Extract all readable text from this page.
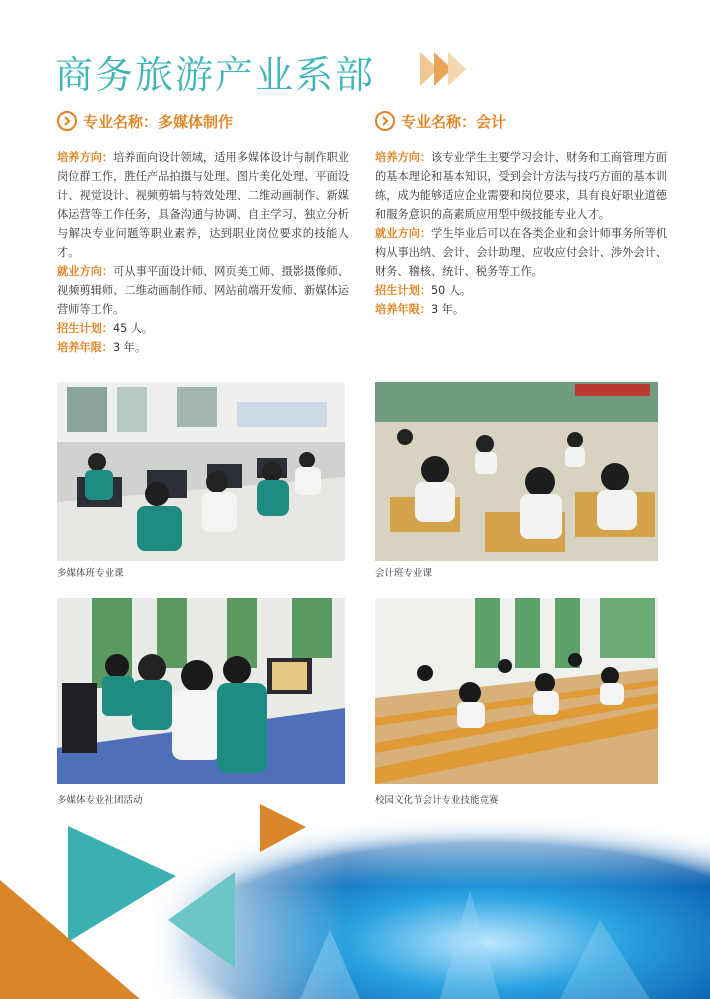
商务旅游产业系部
专业名称：多媒体制作

培养方向：培养面向设计领域，适用多媒体设计与制作职业岗位群工作，胜任产品拍摄与处理、图片美化处理、平面设计、视觉设计、视频剪辑与特效处理、二维动画制作、新媒体运营等工作任务，具备沟通与协调、自主学习、独立分析与解决专业问题等职业素养，达到职业岗位要求的技能人才。

就业方向：可从事平面设计师、网页美工师、摄影摄像师、视频剪辑师、二维动画制作师、网站前端开发师、新媒体运营师等工作。

招生计划：45 人。

培养年限：3 年。

专业名称：会计

培养方向：该专业学生主要学习会计、财务和工商管理方面的基本理论和基本知识，受到会计方法与技巧方面的基本训练，成为能够适应企业需要和岗位要求，具有良好职业道德和服务意识的高素质应用型中级技能专业人才。

就业方向：学生毕业后可以在各类企业和会计师事务所等机构从事出纳、会计、会计助理、应收应付会计、涉外会计、财务、稽核、统计、税务等工作。

招生计划：50 人。

培养年限：3 年。

多媒体班专业课	会计班专业课
多媒体专业社团活动	校园文化节会计专业技能竞赛
